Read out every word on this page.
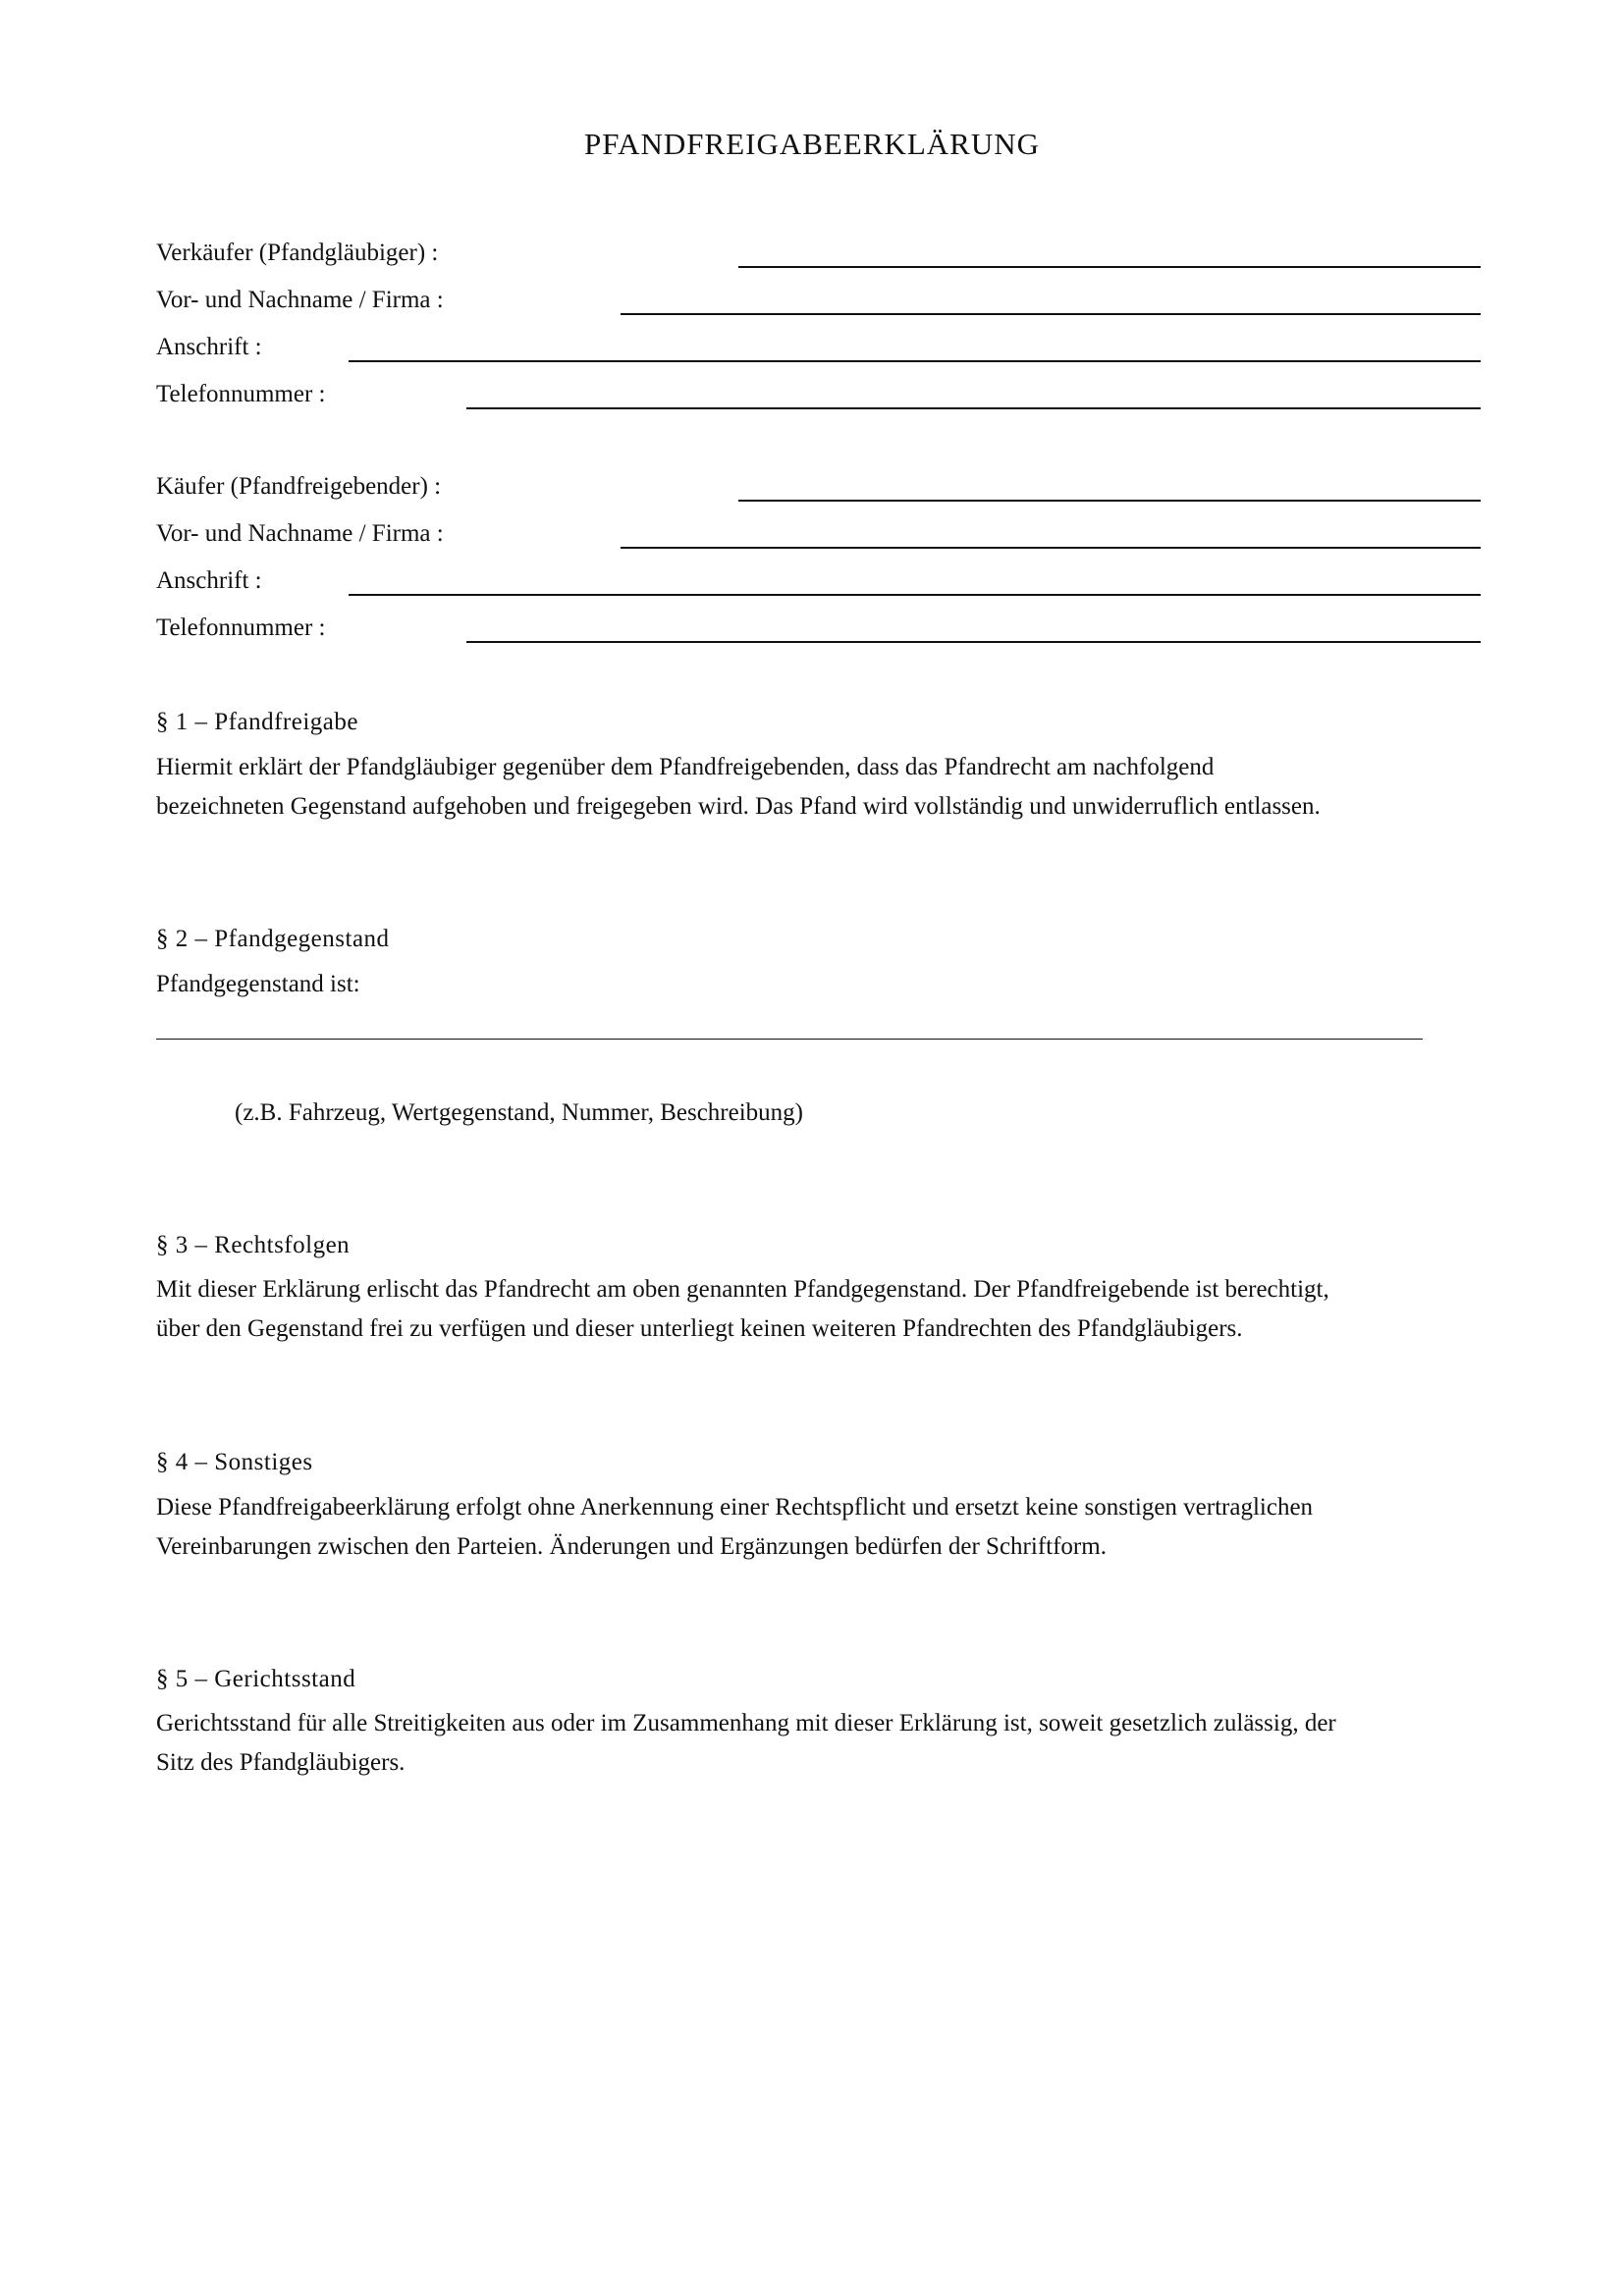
PFANDFREIGABEERKLÄRUNG
Verkäufer (Pfandgläubiger) :
Vor- und Nachname / Firma :
Anschrift :
Telefonnummer :
Käufer (Pfandfreigebender) :
Vor- und Nachname / Firma :
Anschrift :
Telefonnummer :
§ 1 – Pfandfreigabe
Hiermit erklärt der Pfandgläubiger gegenüber dem Pfandfreigebenden, dass das Pfandrecht am nachfolgend
bezeichneten Gegenstand aufgehoben und freigegeben wird. Das Pfand wird vollständig und unwiderruflich entlassen.
§ 2 – Pfandgegenstand
Pfandgegenstand ist:
(z.B. Fahrzeug, Wertgegenstand, Nummer, Beschreibung)
§ 3 – Rechtsfolgen
Mit dieser Erklärung erlischt das Pfandrecht am oben genannten Pfandgegenstand. Der Pfandfreigebende ist berechtigt,
über den Gegenstand frei zu verfügen und dieser unterliegt keinen weiteren Pfandrechten des Pfandgläubigers.
§ 4 – Sonstiges
Diese Pfandfreigabeerklärung erfolgt ohne Anerkennung einer Rechtspflicht und ersetzt keine sonstigen vertraglichen
Vereinbarungen zwischen den Parteien. Änderungen und Ergänzungen bedürfen der Schriftform.
§ 5 – Gerichtsstand
Gerichtsstand für alle Streitigkeiten aus oder im Zusammenhang mit dieser Erklärung ist, soweit gesetzlich zulässig, der
Sitz des Pfandgläubigers.
